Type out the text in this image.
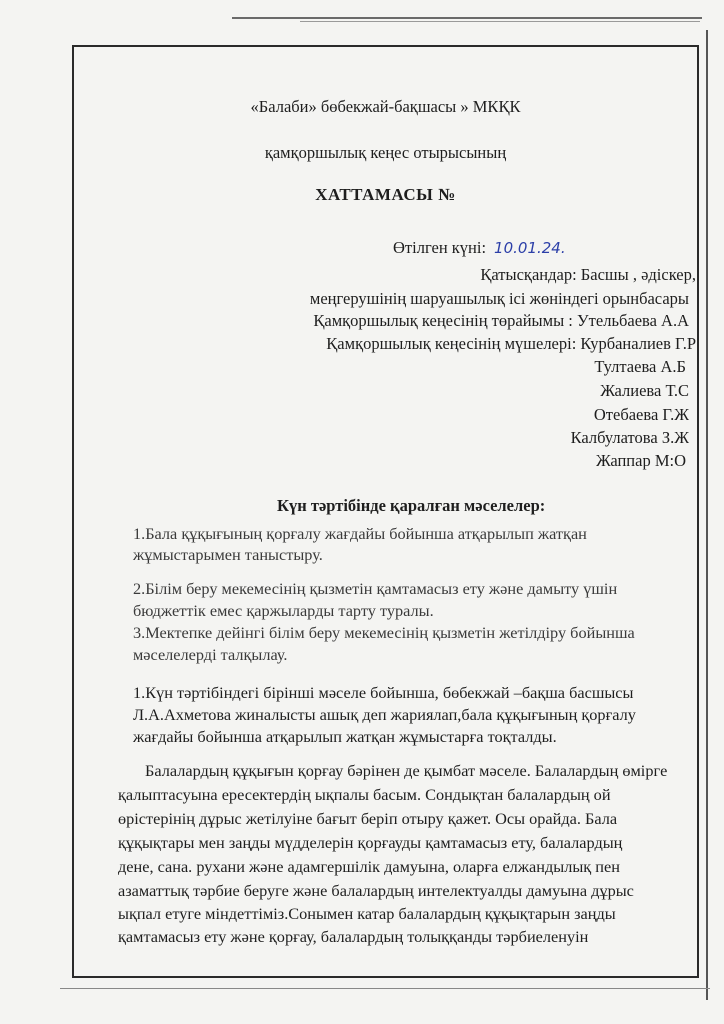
«Балаби» бөбекжай-бақшасы » МКҚК
қамқоршылық кеңес отырысының
ХАТТАМАСЫ №
Өтілген күні: 10.01.24.
Қатысқандар: Басшы , әдіскер,
меңгерушінің шаруашылық ісі жөніндегі орынбасары
Қамқоршылық кеңесінің төрайымы : Утельбаева А.А
Қамқоршылық кеңесінің мүшелері: Курбаналиев Г.Р
Тултаева А.Б
Жалиева Т.С
Отебаева Г.Ж
Калбулатова З.Ж
Жаппар М:О
Күн тәртібінде қаралған мәселелер:
1.Бала құқығының қорғалу жағдайы бойынша атқарылып жатқан
жұмыстарымен таныстыру.
2.Білім беру мекемесінің қызметін қамтамасыз ету және дамыту үшін
бюджеттік емес қаржыларды тарту туралы.
3.Мектепке дейінгі білім беру мекемесінің қызметін жетілдіру бойынша
мәселелерді талқылау.
1.Күн тәртібіндегі бірінші мәселе бойынша, бөбекжай –бақша басшысы
Л.А.Ахметова жиналысты ашық деп жариялап,бала құқығының қорғалу
жағдайы бойынша атқарылып жатқан жұмыстарға тоқталды.
Балалардың құқығын қорғау бәрінен де қымбат мәселе. Балалардың өміргe
қалыптасуына ересектердің ықпалы басым. Сондықтан балалардың ой
өрістерінің дұрыс жетілуіне бағыт беріп отыру қажет. Осы орайда. Бала
құқықтары мен заңды мүдделерін қорғауды қамтамасыз ету, балалардың
дене, сана. рухани және адамгершілік дамуына, оларға елжандылық пен
азаматтық тәрбие беруге және балалардың интелектуалды дамуына дұрыс
ықпал етуге міндеттіміз.Сонымен катар балалардың құқықтарын заңды
қамтамасыз ету және қорғау, балалардың толыққанды тәрбиеленуін
